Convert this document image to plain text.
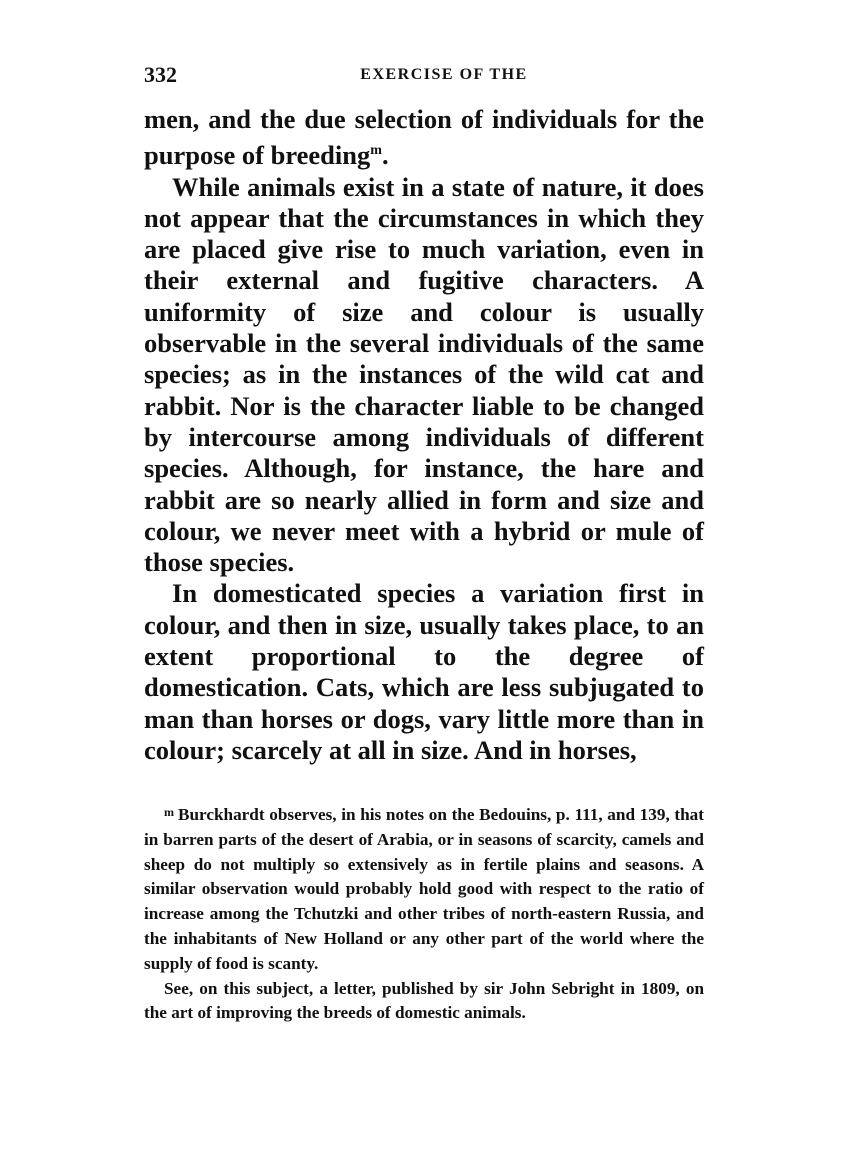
332	EXERCISE OF THE

men, and the due selection of individuals for the purpose of breeding$^m$.

While animals exist in a state of nature, it does not appear that the circumstances in which they are placed give rise to much variation, even in their external and fugitive characters. A uniformity of size and colour is usually observable in the several individuals of the same species; as in the instances of the wild cat and rabbit. Nor is the character liable to be changed by intercourse among individuals of different species. Although, for instance, the hare and rabbit are so nearly allied in form and size and colour, we never meet with a hybrid or mule of those species.

In domesticated species a variation first in colour, and then in size, usually takes place, to an extent proportional to the degree of domestication. Cats, which are less subjugated to man than horses or dogs, vary little more than in colour; scarcely at all in size. And in horses,

$^m$ Burckhardt observes, in his notes on the Bedouins, p. 111, and 139, that in barren parts of the desert of Arabia, or in seasons of scarcity, camels and sheep do not multiply so extensively as in fertile plains and seasons. A similar observation would probably hold good with respect to the ratio of increase among the Tchutzki and other tribes of north-eastern Russia, and the inhabitants of New Holland or any other part of the world where the supply of food is scanty.

See, on this subject, a letter, published by sir John Sebright in 1809, on the art of improving the breeds of domestic animals.
